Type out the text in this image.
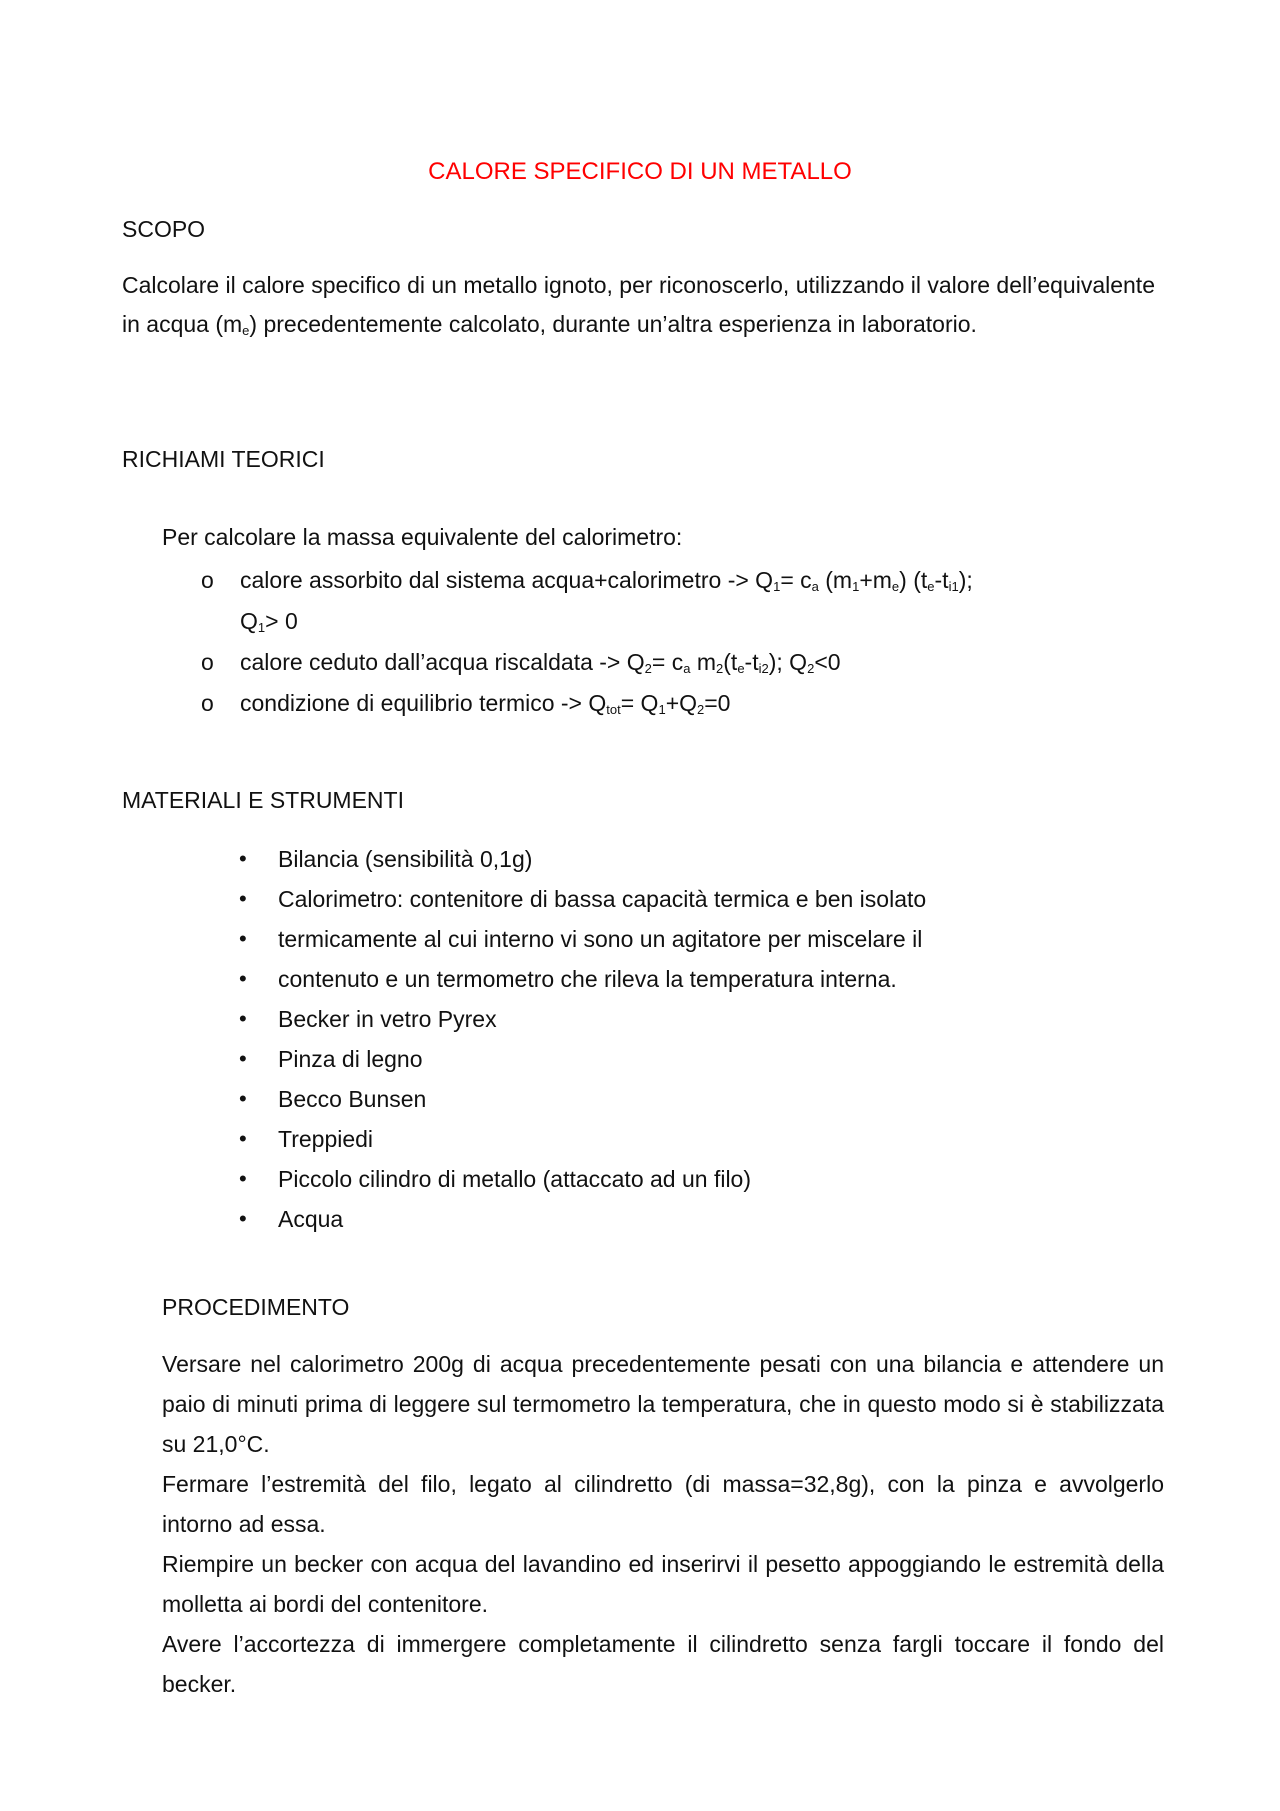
CALORE SPECIFICO DI UN METALLO
SCOPO
Calcolare il calore specifico di un metallo ignoto, per riconoscerlo, utilizzando il valore dell’equivalente in acqua $(m_e)$ precedentemente calcolato, durante un’altra esperienza in laboratorio.
RICHIAMI TEORICI
Per calcolare la massa equivalente del calorimetro:
o calore assorbito dal sistema acqua+calorimetro -> $Q_1= c_a$ $(m_1+m_e)$ $(t_e-t_{i1})$; $Q_1> 0$
o calore ceduto dall’acqua riscaldata -> $Q_2= c_a$ $m_2(t_e-t_{i2})$; $Q_2<0$
o condizione di equilibrio termico -> $Q_{tot}= Q_1+Q_2=0$
MATERIALI E STRUMENTI
• Bilancia (sensibilità 0,1g)
• Calorimetro: contenitore di bassa capacità termica e ben isolato
• termicamente al cui interno vi sono un agitatore per miscelare il
• contenuto e un termometro che rileva la temperatura interna.
• Becker in vetro Pyrex
• Pinza di legno
• Becco Bunsen
• Treppiedi
• Piccolo cilindro di metallo (attaccato ad un filo)
• Acqua
PROCEDIMENTO

Versare nel calorimetro 200g di acqua precedentemente pesati con una bilancia e attendere un paio di minuti prima di leggere sul termometro la temperatura, che in questo modo si è stabilizzata su 21,0°C.

Fermare l’estremità del filo, legato al cilindretto (di massa=32,8g), con la pinza e avvolgerlo intorno ad essa.

Riempire un becker con acqua del lavandino ed inserirvi il pesetto appoggiando le estremità della molletta ai bordi del contenitore.

Avere l’accortezza di immergere completamente il cilindretto senza fargli toccare il fondo del becker.
